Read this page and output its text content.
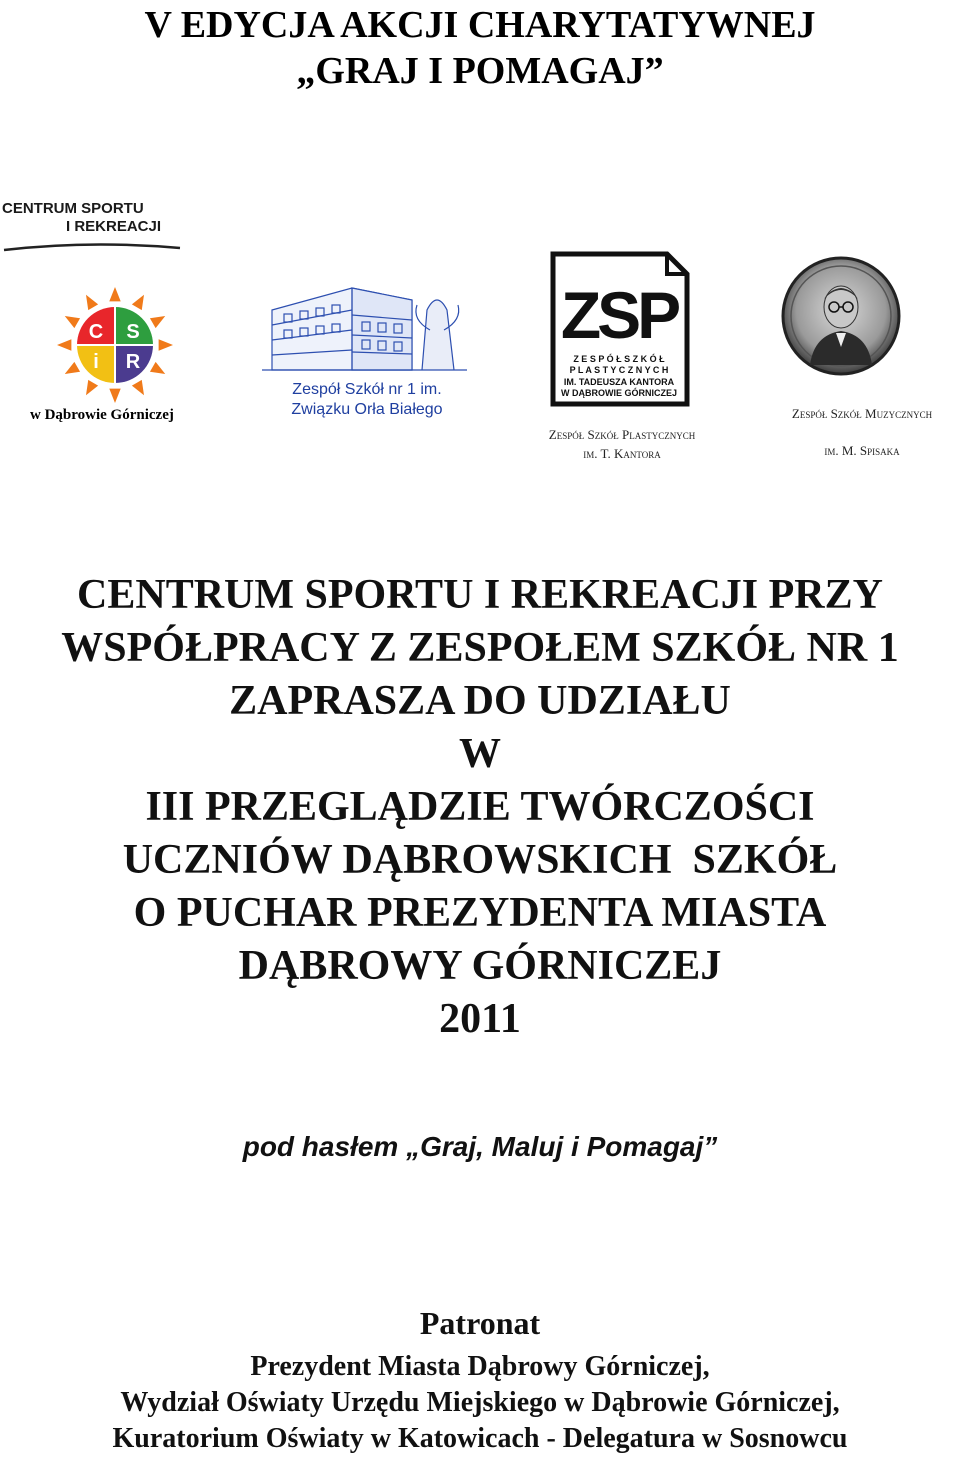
V EDYCJA AKCJI CHARYTATYWNEJ
„GRAJ I POMAGAJ”
CENTRUM SPORTU
I REKREACJI
C S
i R
w Dąbrowie Górniczej
Zespół Szkół nr 1 im.
Związku Orła Białego
ZSP
Z E S P Ó Ł S Z K Ó Ł
P L A S T Y C Z N Y C H
IM. TADEUSZA KANTORA
W DĄBROWIE GÓRNICZEJ
Zespół Szkół Plastycznych
im. T. Kantora
Zespół Szkół Muzycznych
im. M. Spisaka
CENTRUM SPORTU I REKREACJI PRZY
WSPÓŁPRACY Z ZESPOŁEM SZKÓŁ NR 1
ZAPRASZA DO UDZIAŁU
W
III PRZEGLĄDZIE TWÓRCZOŚCI
UCZNIÓW DĄBROWSKICH  SZKÓŁ
O PUCHAR PREZYDENTA MIASTA
DĄBROWY GÓRNICZEJ
2011
pod hasłem „Graj, Maluj i Pomagaj”
Patronat
Prezydent Miasta Dąbrowy Górniczej,
Wydział Oświaty Urzędu Miejskiego w Dąbrowie Górniczej,
Kuratorium Oświaty w Katowicach - Delegatura w Sosnowcu
